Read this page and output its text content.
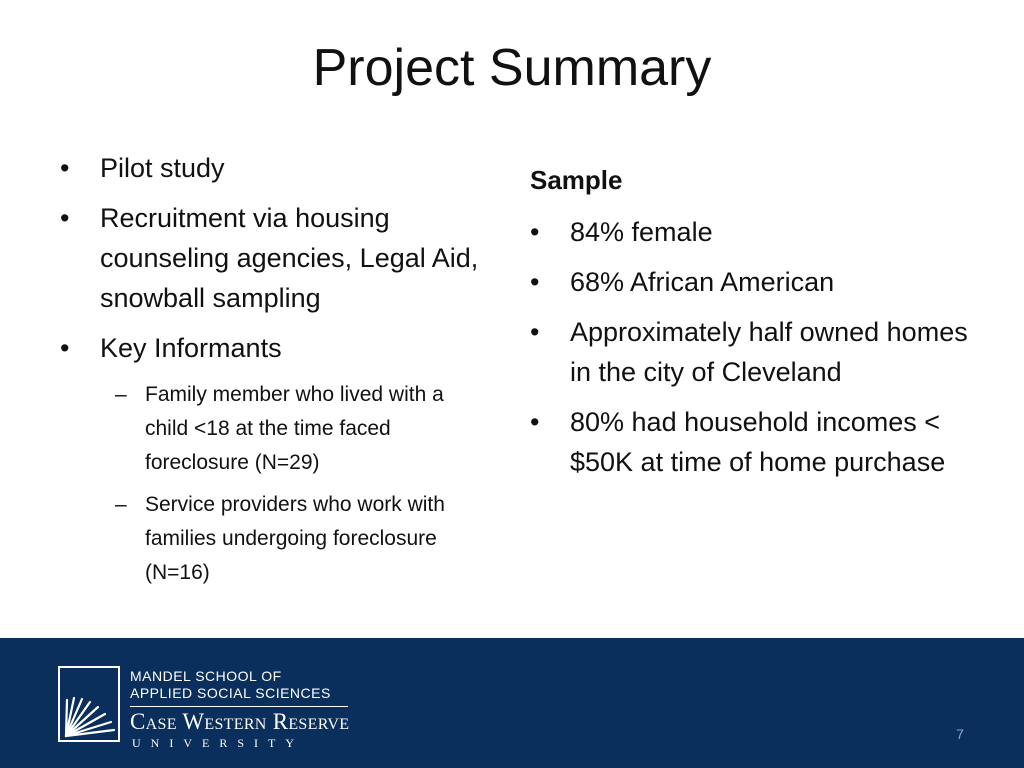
Project Summary
•	Pilot study
•	Recruitment via housing counseling agencies, Legal Aid, snowball sampling
•	Key Informants
– Family member who lived with a child <18 at the time faced foreclosure (N=29)
– Service providers who work with families undergoing foreclosure (N=16)
Sample
•	84% female
•	68% African American
•	Approximately half owned homes in the city of Cleveland
•	80% had household incomes < $50K at time of home purchase
MANDEL SCHOOL OF
APPLIED SOCIAL SCIENCES
Case Western Reserve
UNIVERSITY
7
